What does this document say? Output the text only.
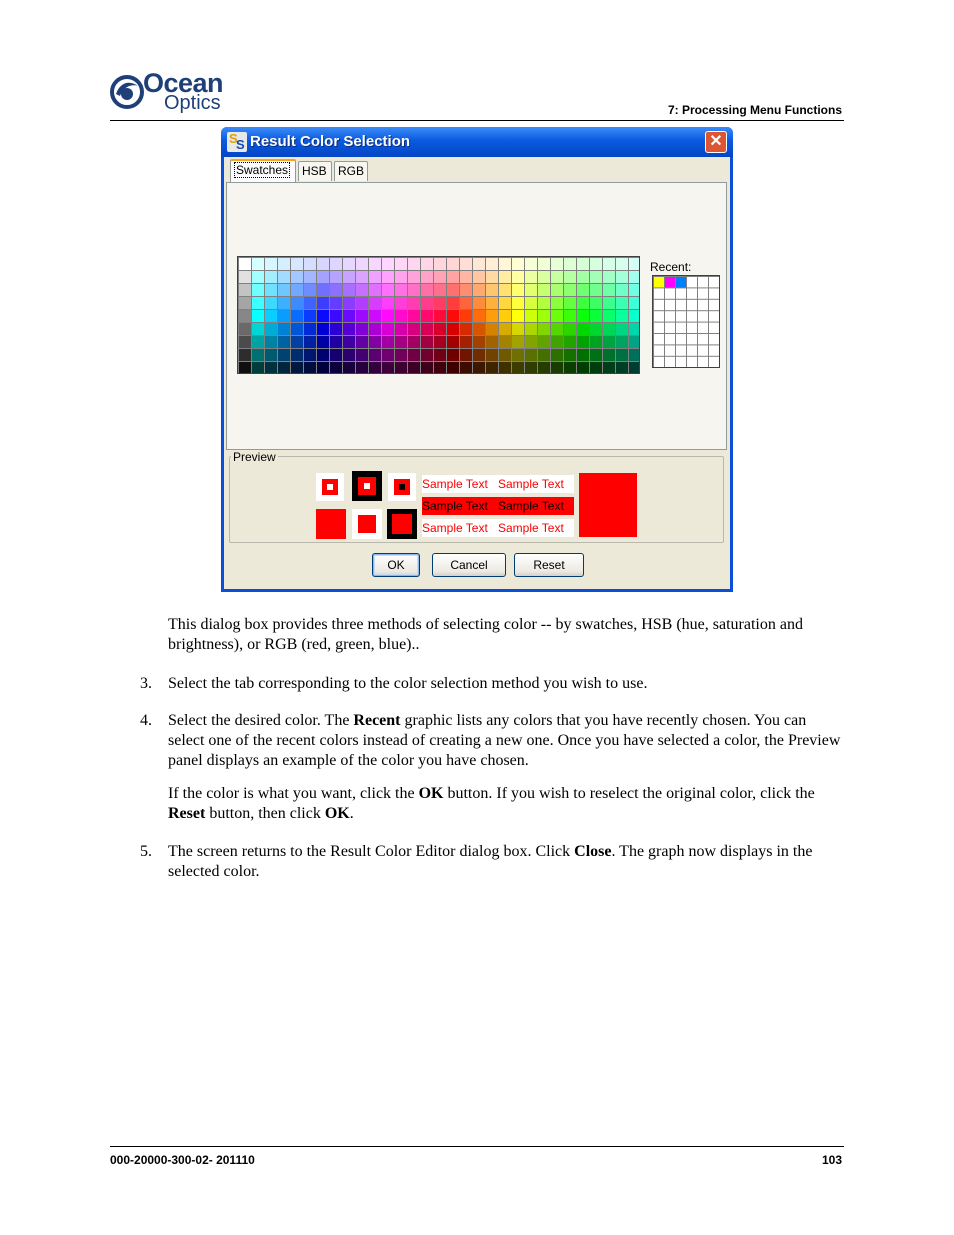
Ocean
Optics	7: Processing Menu Functions
S
S Result Color Selection	✕
Swatches	HSB RGB
Recent:
Preview
Sample Text Sample Text
Sample Text Sample Text
Sample Text Sample Text
OK	Cancel	Reset
This dialog box provides three methods of selecting color -- by swatches, HSB (hue, saturation and brightness), or RGB (red, green, blue)..
3. Select the tab corresponding to the color selection method you wish to use.
4. Select the desired color. The Recent graphic lists any colors that you have recently chosen. You can select one of the recent colors instead of creating a new one. Once you have selected a color, the Preview panel displays an example of the color you have chosen.
If the color is what you want, click the OK button. If you wish to reselect the original color, click the Reset button, then click OK.
5. The screen returns to the Result Color Editor dialog box. Click Close. The graph now displays in the selected color.
000-20000-300-02- 201110	103
